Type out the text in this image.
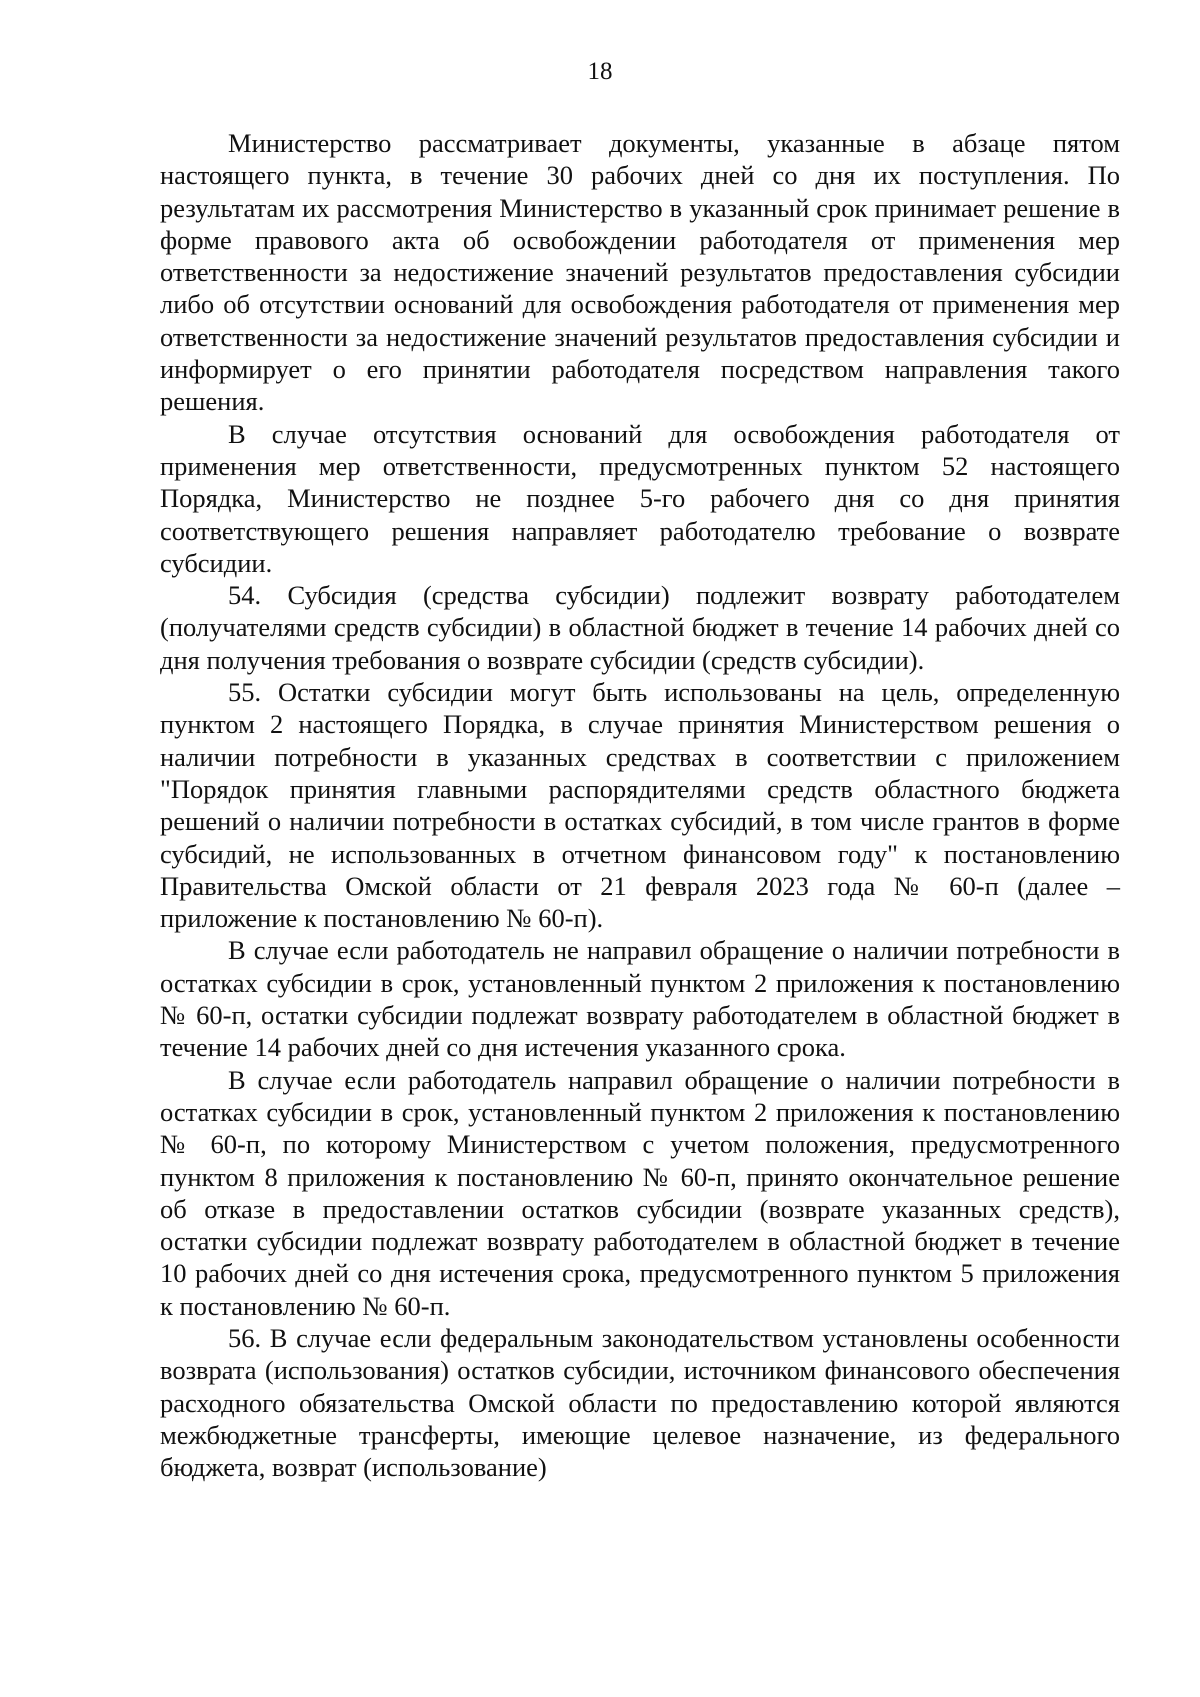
18

Министерство рассматривает документы, указанные в абзаце пятом настоящего пункта, в течение 30 рабочих дней со дня их поступления. По результатам их рассмотрения Министерство в указанный срок принимает решение в форме правового акта об освобождении работодателя от применения мер ответственности за недостижение значений результатов предоставления субсидии либо об отсутствии оснований для освобождения работодателя от применения мер ответственности за недостижение значений результатов предоставления субсидии и информирует о его принятии работодателя посредством направления такого решения.

В случае отсутствия оснований для освобождения работодателя от применения мер ответственности, предусмотренных пунктом 52 настоящего Порядка, Министерство не позднее 5-го рабочего дня со дня принятия соответствующего решения направляет работодателю требование о возврате субсидии.

54. Субсидия (средства субсидии) подлежит возврату работодателем (получателями средств субсидии) в областной бюджет в течение 14 рабочих дней со дня получения требования о возврате субсидии (средств субсидии).

55. Остатки субсидии могут быть использованы на цель, определенную пунктом 2 настоящего Порядка, в случае принятия Министерством решения о наличии потребности в указанных средствах в соответствии с приложением "Порядок принятия главными распорядителями средств областного бюджета решений о наличии потребности в остатках субсидий, в том числе грантов в форме субсидий, не использованных в отчетном финансовом году" к постановлению Правительства Омской области от 21 февраля 2023 года № 60-п (далее – приложение к постановлению № 60-п).

В случае если работодатель не направил обращение о наличии потребности в остатках субсидии в срок, установленный пунктом 2 приложения к постановлению № 60-п, остатки субсидии подлежат возврату работодателем в областной бюджет в течение 14 рабочих дней со дня истечения указанного срока.

В случае если работодатель направил обращение о наличии потребности в остатках субсидии в срок, установленный пунктом 2 приложения к постановлению № 60-п, по которому Министерством с учетом положения, предусмотренного пунктом 8 приложения к постановлению № 60-п, принято окончательное решение об отказе в предоставлении остатков субсидии (возврате указанных средств), остатки субсидии подлежат возврату работодателем в областной бюджет в течение 10 рабочих дней со дня истечения срока, предусмотренного пунктом 5 приложения к постановлению № 60-п.

56. В случае если федеральным законодательством установлены особенности возврата (использования) остатков субсидии, источником финансового обеспечения расходного обязательства Омской области по предоставлению которой являются межбюджетные трансферты, имеющие целевое назначение, из федерального бюджета, возврат (использование)
